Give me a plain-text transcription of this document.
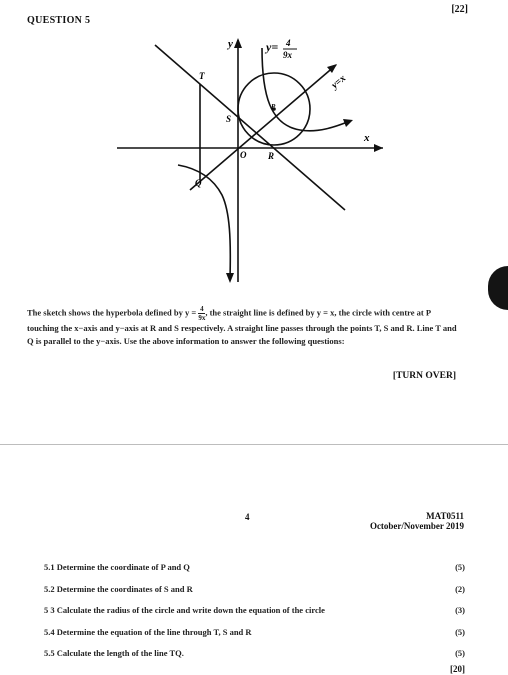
[22]
QUESTION 5
y
x
y= 4
9x
y=x
T
S
P
O R
Q
The sketch shows the hyperbola defined by $y = \frac{4}{9x}$ , the straight line is defined by y = x, the circle with centre at P touching the x−axis and y−axis at R and S respectively. A straight line passes through the points T, S and R. Line T and Q is parallel to the y−axis. Use the above information to answer the following questions:
[TURN OVER]
4	MAT0511
October/November 2019
5.1 Determine the coordinate of P and Q	(5)
5.2 Determine the coordinates of S and R	(2)
5 3 Calculate the radius of the circle and write down the equation of the circle	(3)
5.4 Determine the equation of the line through T, S and R	(5)
5.5 Calculate the length of the line TQ.	(5)
[20]
